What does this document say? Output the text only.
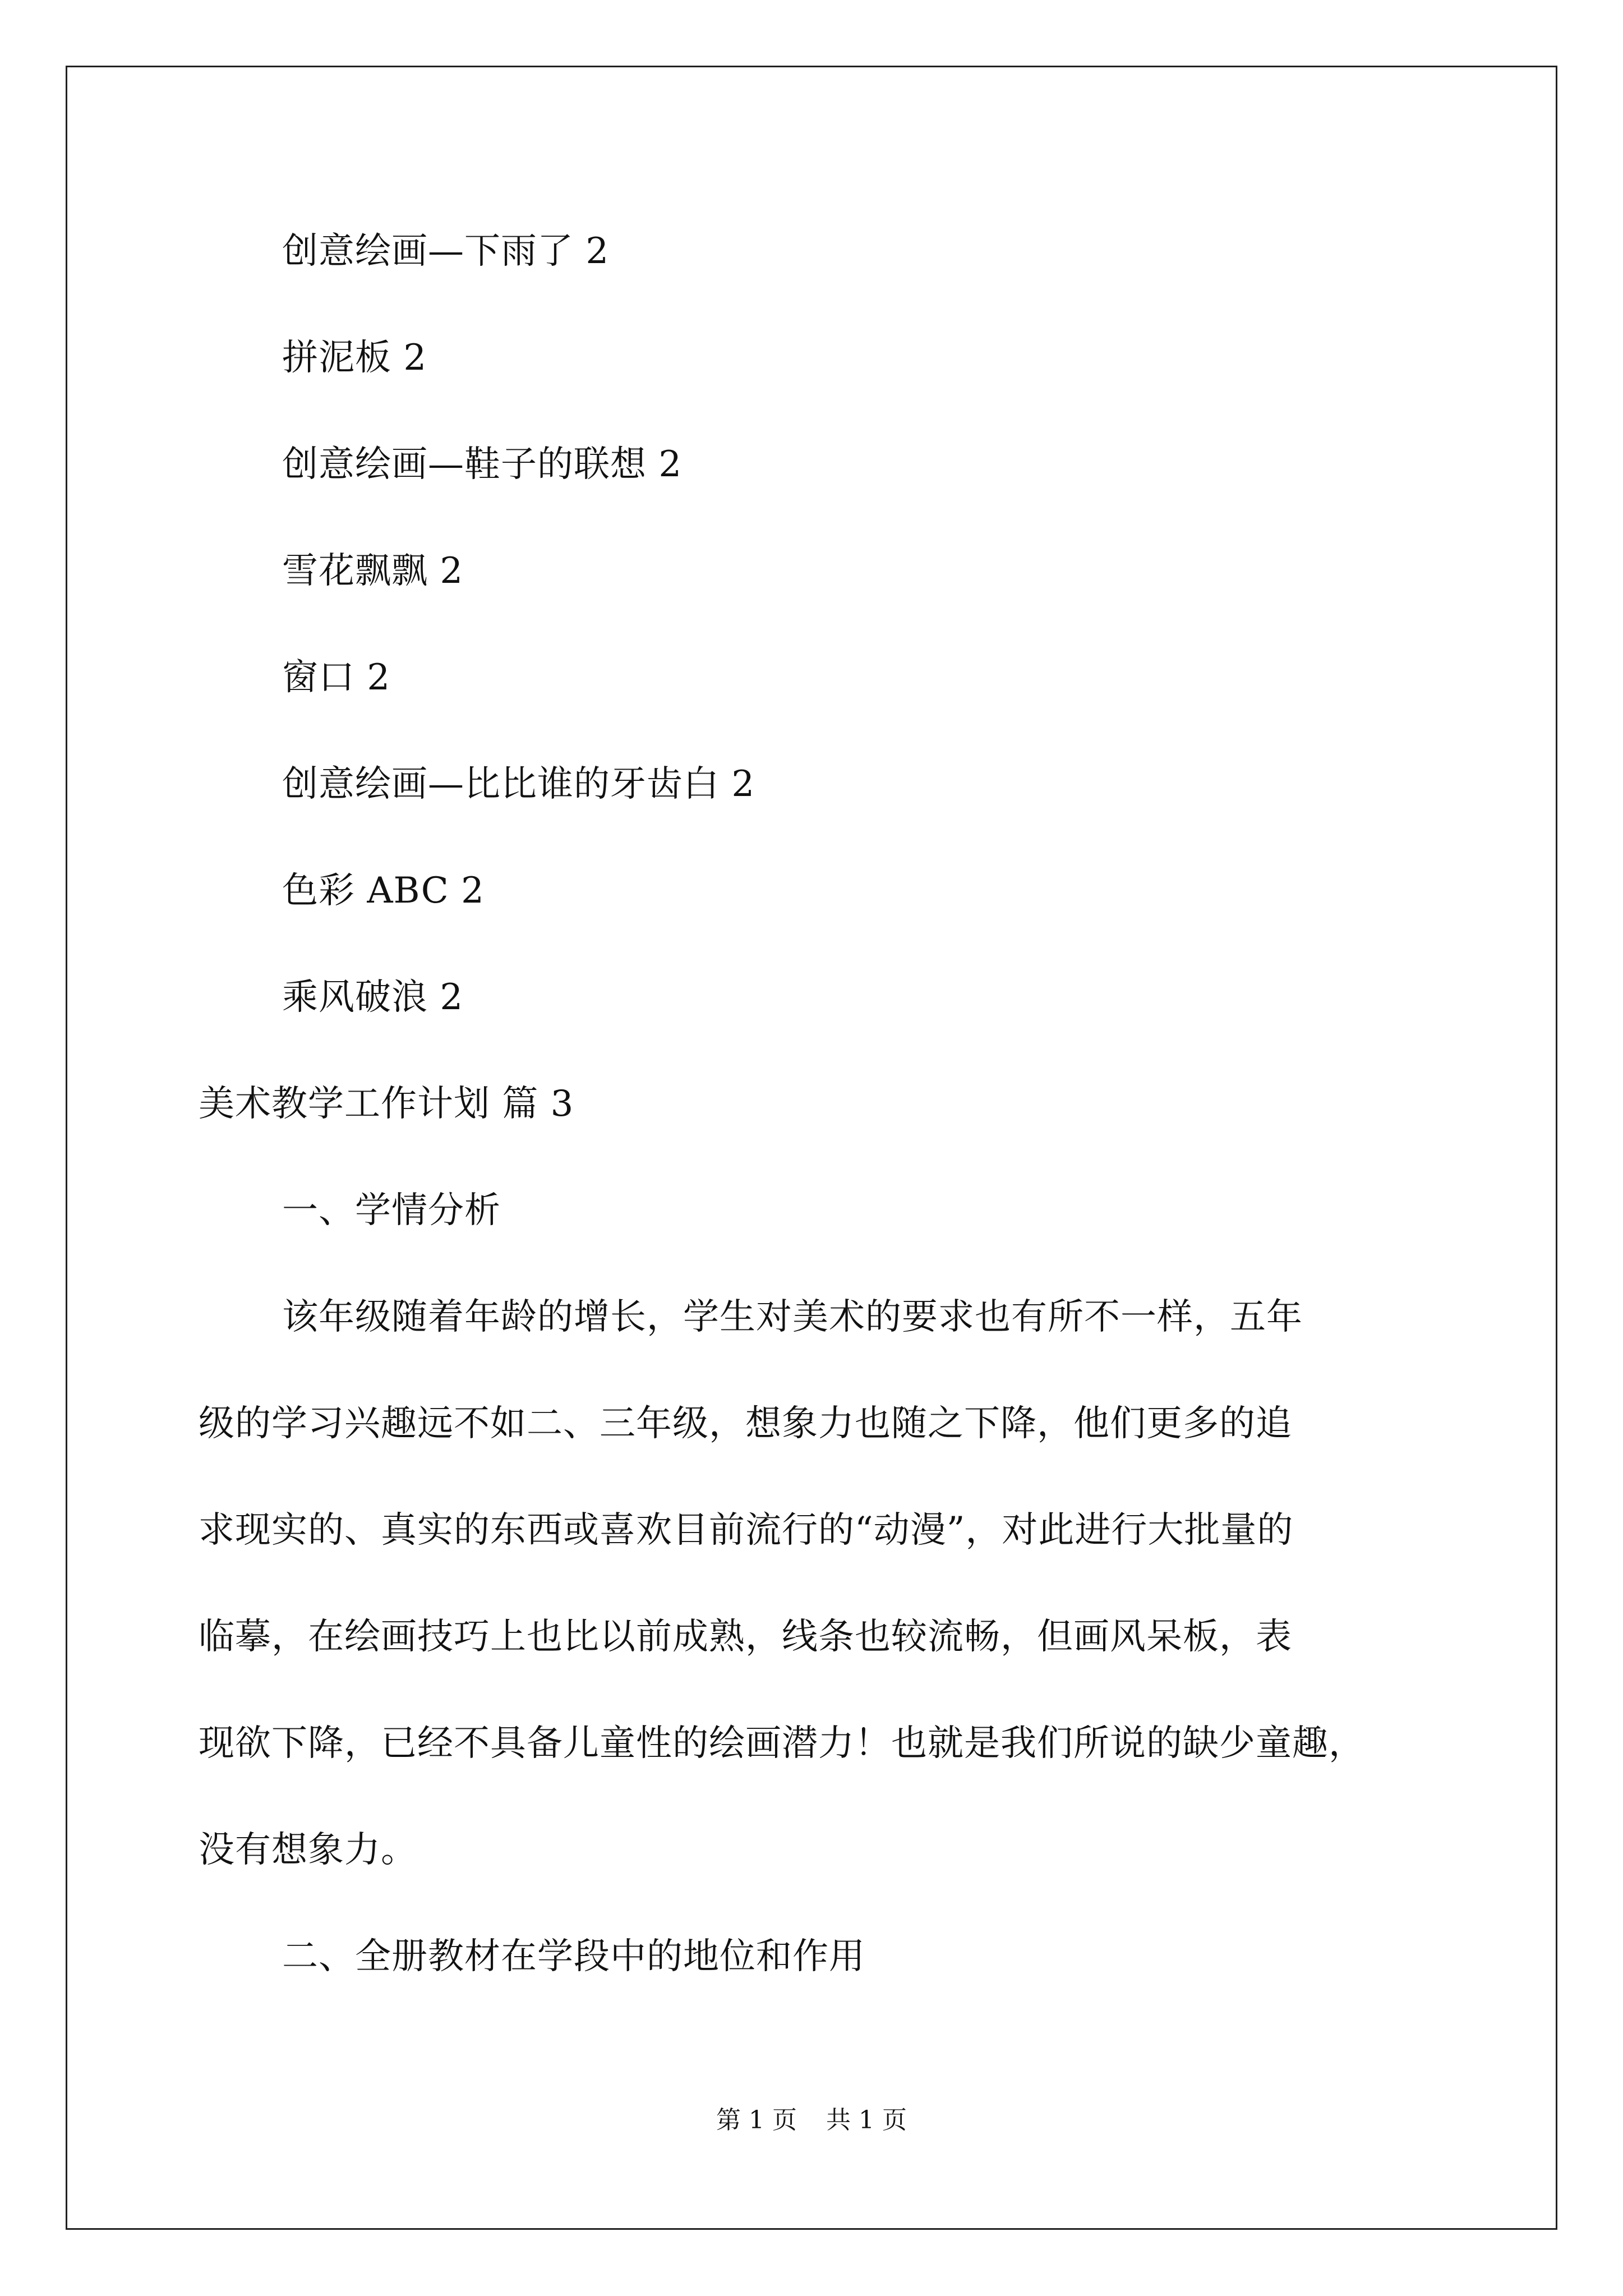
创意绘画—下雨了 2
拼泥板 2
创意绘画—鞋子的联想 2
雪花飘飘 2
窗口 2
创意绘画—比比谁的牙齿白 2
色彩 ABC 2
乘风破浪 2
美术教学工作计划 篇 3
一、学情分析
该年级随着年龄的增长，学生对美术的要求也有所不一样，五年
级的学习兴趣远不如二、三年级，想象力也随之下降，他们更多的追
求现实的、真实的东西或喜欢目前流行的“动漫”，对此进行大批量的
临摹，在绘画技巧上也比以前成熟，线条也较流畅，但画风呆板，表
现欲下降，已经不具备儿童性的绘画潜力！也就是我们所说的缺少童趣，
没有想象力。
二、全册教材在学段中的地位和作用
第 1 页 共 1 页
